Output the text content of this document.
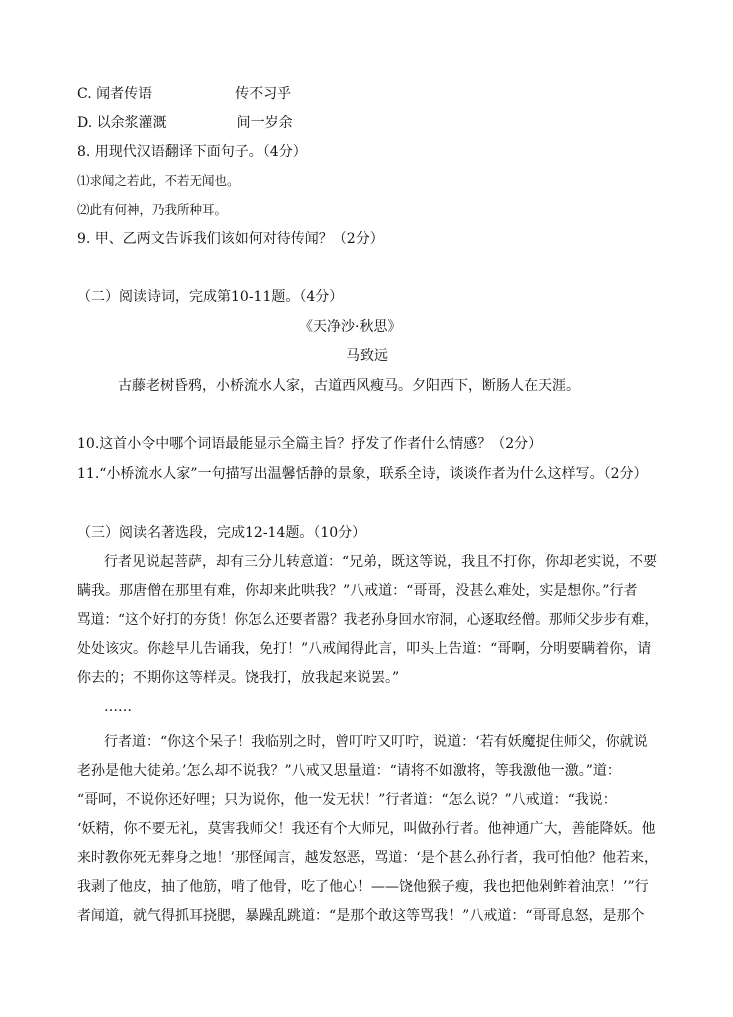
C. 闻者传语	传不习乎
D. 以余浆灌溉	间一岁余
8. 用现代汉语翻译下面句子。（4分）
⑴求闻之若此，不若无闻也。
⑵此有何神，乃我所种耳。
9. 甲、乙两文告诉我们该如何对待传闻？（2分）
（二）阅读诗词，完成第10-11题。（4分）
《天净沙·秋思》
马致远
古藤老树昏鸦，小桥流水人家，古道西风瘦马。夕阳西下，断肠人在天涯。
10.这首小令中哪个词语最能显示全篇主旨？抒发了作者什么情感？（2分）
11.“小桥流水人家”一句描写出温馨恬静的景象，联系全诗，谈谈作者为什么这样写。（2分）
（三）阅读名著选段，完成12-14题。（10分）
行者见说起菩萨，却有三分儿转意道：“兄弟，既这等说，我且不打你，你却老实说，不要
瞒我。那唐僧在那里有难，你却来此哄我？”八戒道：“哥哥，没甚么难处，实是想你。”行者
骂道：“这个好打的夯货！你怎么还要者嚣？我老孙身回水帘洞，心逐取经僧。那师父步步有难，
处处该灾。你趁早儿告诵我，免打！”八戒闻得此言，叩头上告道：“哥啊，分明要瞒着你，请
你去的；不期你这等样灵。饶我打，放我起来说罢。”
……
行者道：“你这个呆子！我临别之时，曾叮咛又叮咛，说道：‘若有妖魔捉住师父，你就说
老孙是他大徒弟。’怎么却不说我？”八戒又思量道：“请将不如激将，等我激他一激。”道：
“哥呵，不说你还好哩；只为说你，他一发无状！”行者道：“怎么说？”八戒道：“我说：
‘妖精，你不要无礼，莫害我师父！我还有个大师兄，叫做孙行者。他神通广大，善能降妖。他
来时教你死无葬身之地！’那怪闻言，越发怒恶，骂道：‘是个甚么孙行者，我可怕他？他若来，
我剥了他皮，抽了他筋，啃了他骨，吃了他心！——饶他猴子瘦，我也把他剁鲊着油烹！’”行
者闻道，就气得抓耳挠腮，暴躁乱跳道：“是那个敢这等骂我！”八戒道：“哥哥息怒，是那个
